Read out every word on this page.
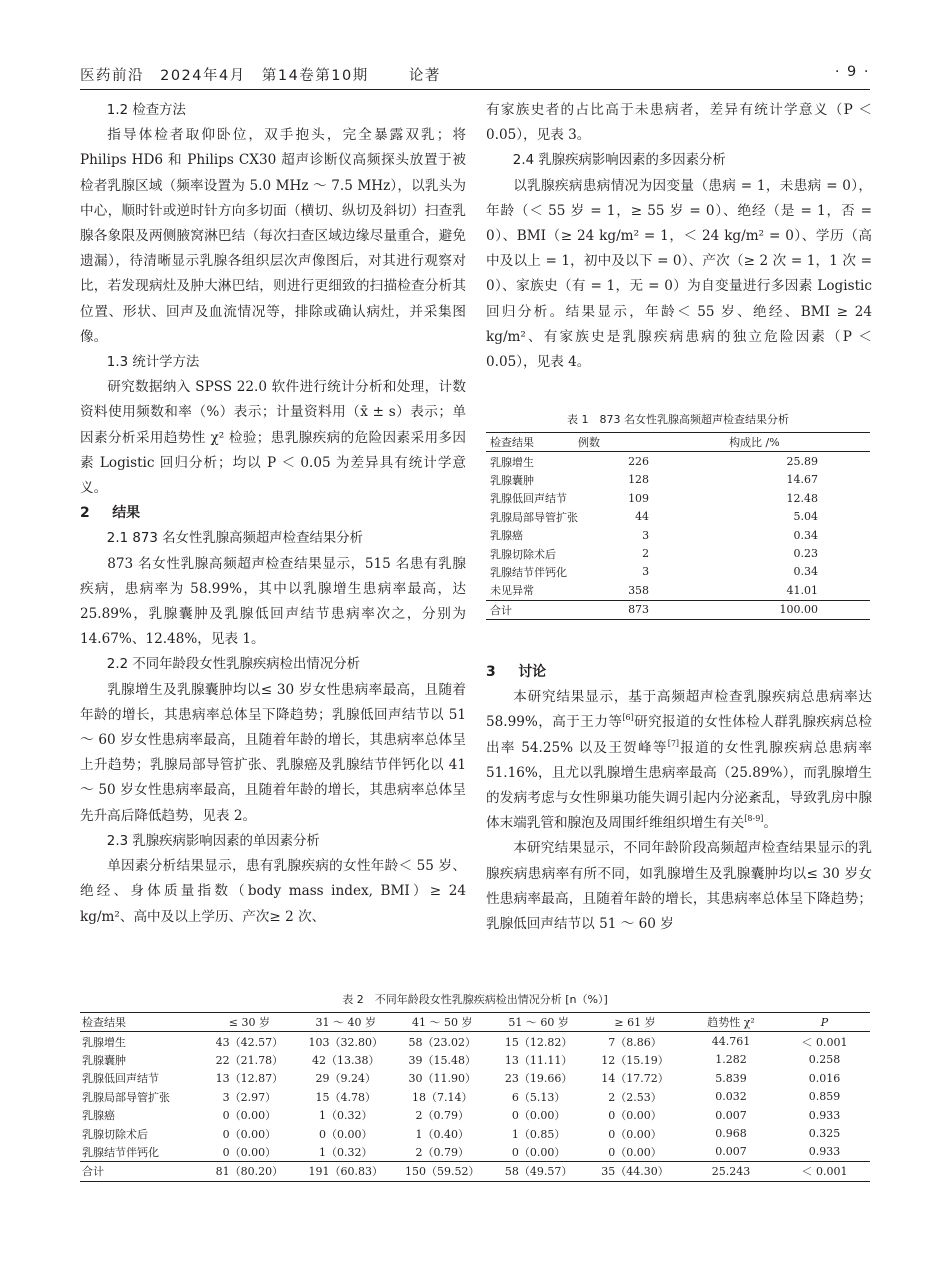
医药前沿 2024年4月 第14卷第10期	论著	· 9 ·
1.2 检查方法

指导体检者取仰卧位，双手抱头，完全暴露双乳；将 Philips HD6 和 Philips CX30 超声诊断仪高频探头放置于被检者乳腺区域（频率设置为 5.0 MHz ～ 7.5 MHz），以乳头为中心，顺时针或逆时针方向多切面（横切、纵切及斜切）扫查乳腺各象限及两侧腋窝淋巴结（每次扫查区域边缘尽量重合，避免遗漏），待清晰显示乳腺各组织层次声像图后，对其进行观察对比，若发现病灶及肿大淋巴结，则进行更细致的扫描检查分析其位置、形状、回声及血流情况等，排除或确认病灶，并采集图像。

1.3 统计学方法

研究数据纳入 SPSS 22.0 软件进行统计分析和处理，计数资料使用频数和率（%）表示；计量资料用（x̄ ± s）表示；单因素分析采用趋势性 χ² 检验；患乳腺疾病的危险因素采用多因素 Logistic 回归分析；均以 P ＜ 0.05 为差异具有统计学意义。

2 结果
2.1 873 名女性乳腺高频超声检查结果分析

873 名女性乳腺高频超声检查结果显示，515 名患有乳腺疾病，患病率为 58.99%，其中以乳腺增生患病率最高，达 25.89%，乳腺囊肿及乳腺低回声结节患病率次之，分别为 14.67%、12.48%，见表 1。

2.2 不同年龄段女性乳腺疾病检出情况分析

乳腺增生及乳腺囊肿均以≤ 30 岁女性患病率最高，且随着年龄的增长，其患病率总体呈下降趋势；乳腺低回声结节以 51 ～ 60 岁女性患病率最高，且随着年龄的增长，其患病率总体呈上升趋势；乳腺局部导管扩张、乳腺癌及乳腺结节伴钙化以 41 ～ 50 岁女性患病率最高，且随着年龄的增长，其患病率总体呈先升高后降低趋势，见表 2。

2.3 乳腺疾病影响因素的单因素分析

单因素分析结果显示，患有乳腺疾病的女性年龄＜ 55 岁、绝经、身体质量指数（body mass index, BMI）≥ 24 kg/m²、高中及以上学历、产次≥ 2 次、

有家族史者的占比高于未患病者，差异有统计学意义（P ＜ 0.05），见表 3。

2.4 乳腺疾病影响因素的多因素分析

以乳腺疾病患病情况为因变量（患病 = 1，未患病 = 0），年龄（＜ 55 岁 = 1，≥ 55 岁 = 0）、绝经（是 = 1，否 = 0）、BMI（≥ 24 kg/m² = 1，＜ 24 kg/m² = 0）、学历（高中及以上 = 1，初中及以下 = 0）、产次（≥ 2 次 = 1，1 次 = 0）、家族史（有 = 1，无 = 0）为自变量进行多因素 Logistic 回归分析。结果显示，年龄＜ 55 岁、绝经、BMI ≥ 24 kg/m²、有家族史是乳腺疾病患病的独立危险因素（P ＜ 0.05），见表 4。

表 1　873 名女性乳腺高频超声检查结果分析
检查结果	例数	构成比 /%
乳腺增生	226	25.89
乳腺囊肿	128	14.67
乳腺低回声结节	109	12.48
乳腺局部导管扩张	44	5.04
乳腺癌	3	0.34
乳腺切除术后	2	0.23
乳腺结节伴钙化	3	0.34
未见异常	358	41.01
合计	873	100.00
3 讨论

本研究结果显示，基于高频超声检查乳腺疾病总患病率达 58.99%，高于王力等[6]研究报道的女性体检人群乳腺疾病总检出率 54.25% 以及王贺峰等[7]报道的女性乳腺疾病总患病率 51.16%，且尤以乳腺增生患病率最高（25.89%），而乳腺增生的发病考虑与女性卵巢功能失调引起内分泌紊乱，导致乳房中腺体末端乳管和腺泡及周围纤维组织增生有关[8-9]。

本研究结果显示，不同年龄阶段高频超声检查结果显示的乳腺疾病患病率有所不同，如乳腺增生及乳腺囊肿均以≤ 30 岁女性患病率最高，且随着年龄的增长，其患病率总体呈下降趋势；乳腺低回声结节以 51 ～ 60 岁

表 2　不同年龄段女性乳腺疾病检出情况分析 [n（%）]
检查结果	≤ 30 岁	31 ～ 40 岁	41 ～ 50 岁	51 ～ 60 岁	≥ 61 岁	趋势性 χ²	P
乳腺增生	43（42.57）	103（32.80）	58（23.02）	15（12.82）	7（8.86）	44.761	＜ 0.001
乳腺囊肿	22（21.78）	42（13.38）	39（15.48）	13（11.11）	12（15.19）	1.282	0.258
乳腺低回声结节	13（12.87）	29（9.24）	30（11.90）	23（19.66）	14（17.72）	5.839	0.016
乳腺局部导管扩张	3（2.97）	15（4.78）	18（7.14）	6（5.13）	2（2.53）	0.032	0.859
乳腺癌	0（0.00）	1（0.32）	2（0.79）	0（0.00）	0（0.00）	0.007	0.933
乳腺切除术后	0（0.00）	0（0.00）	1（0.40）	1（0.85）	0（0.00）	0.968	0.325
乳腺结节伴钙化	0（0.00）	1（0.32）	2（0.79）	0（0.00）	0（0.00）	0.007	0.933
合计	81（80.20）	191（60.83）	150（59.52）	58（49.57）	35（44.30）	25.243	＜ 0.001
